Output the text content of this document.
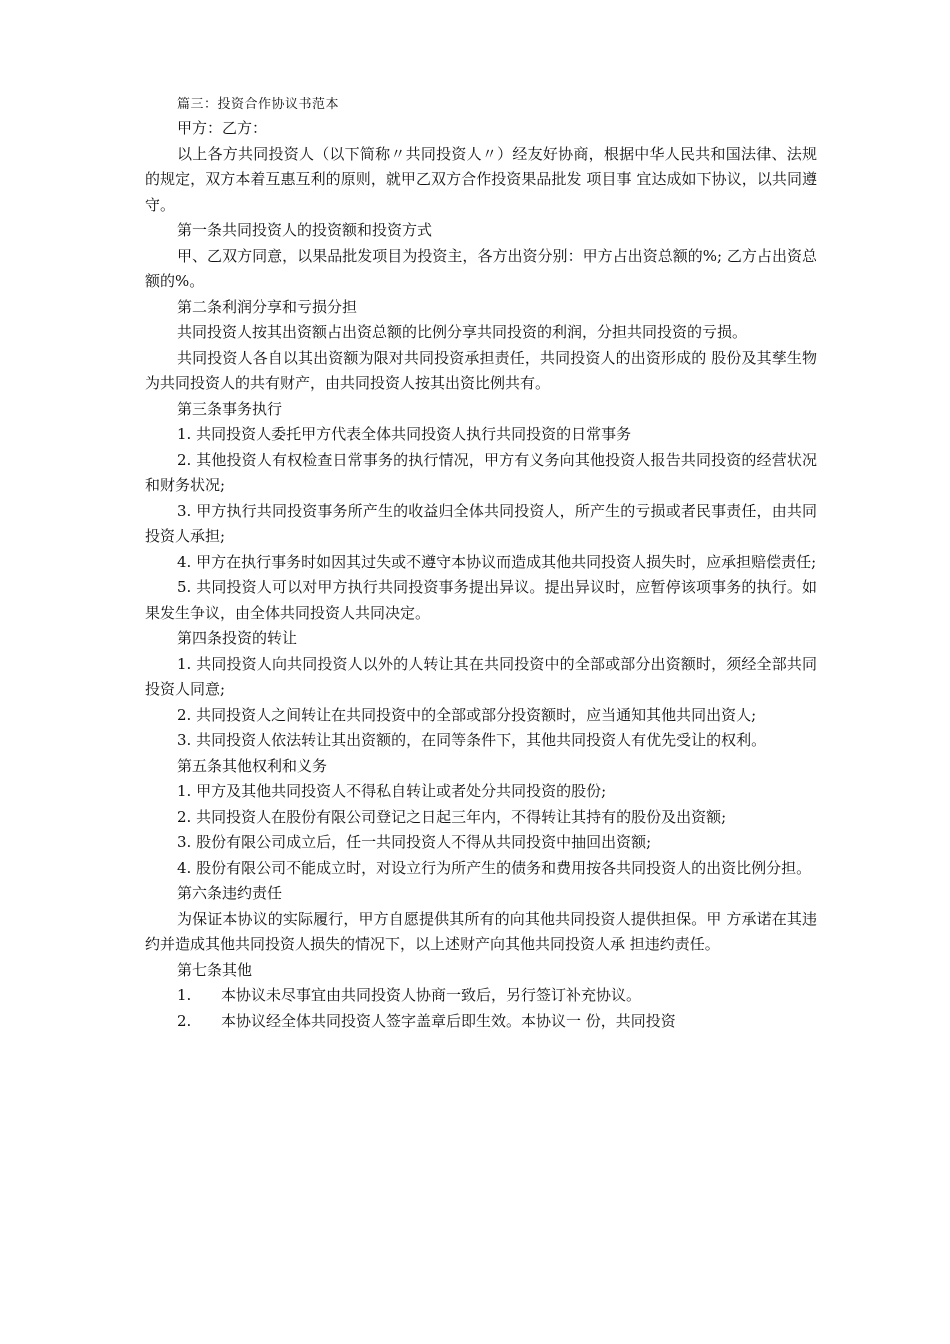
篇三：投资合作协议书范本

甲方：乙方：

以上各方共同投资人（以下简称〃共同投资人〃）经友好协商，根据中华人民共和国法律、法规的规定，双方本着互惠互利的原则，就甲乙双方合作投资果品批发 项目事 宜达成如下协议，以共同遵守。

第一条共同投资人的投资额和投资方式

甲、乙双方同意，以果品批发项目为投资主，各方出资分别：甲方占出资总额的%; 乙方占出资总额的%。

第二条利润分享和亏损分担

共同投资人按其出资额占出资总额的比例分享共同投资的利润，分担共同投资的亏损。

共同投资人各自以其出资额为限对共同投资承担责任，共同投资人的出资形成的 股份及其孳生物为共同投资人的共有财产，由共同投资人按其出资比例共有。

第三条事务执行

1. 共同投资人委托甲方代表全体共同投资人执行共同投资的日常事务

2. 其他投资人有权检查日常事务的执行情况，甲方有义务向其他投资人报告共同投资的经营状况和财务状况;

3. 甲方执行共同投资事务所产生的收益归全体共同投资人，所产生的亏损或者民事责任，由共同投资人承担;

4. 甲方在执行事务时如因其过失或不遵守本协议而造成其他共同投资人损失时，应承担赔偿责任;

5. 共同投资人可以对甲方执行共同投资事务提出异议。提出异议时，应暂停该项事务的执行。如果发生争议，由全体共同投资人共同决定。

第四条投资的转让

1. 共同投资人向共同投资人以外的人转让其在共同投资中的全部或部分出资额时，须经全部共同投资人同意;

2. 共同投资人之间转让在共同投资中的全部或部分投资额时，应当通知其他共同出资人;

3. 共同投资人依法转让其出资额的，在同等条件下，其他共同投资人有优先受让的权利。

第五条其他权利和义务

1. 甲方及其他共同投资人不得私自转让或者处分共同投资的股份;

2. 共同投资人在股份有限公司登记之日起三年内，不得转让其持有的股份及出资额;

3. 股份有限公司成立后，任一共同投资人不得从共同投资中抽回出资额;

4. 股份有限公司不能成立时，对设立行为所产生的债务和费用按各共同投资人的出资比例分担。

第六条违约责任

为保证本协议的实际履行，甲方自愿提供其所有的向其他共同投资人提供担保。甲 方承诺在其违约并造成其他共同投资人损失的情况下，以上述财产向其他共同投资人承 担违约责任。

第七条其他

1. 本协议未尽事宜由共同投资人协商一致后，另行签订补充协议。

2. 本协议经全体共同投资人签字盖章后即生效。本协议一 份，共同投资
